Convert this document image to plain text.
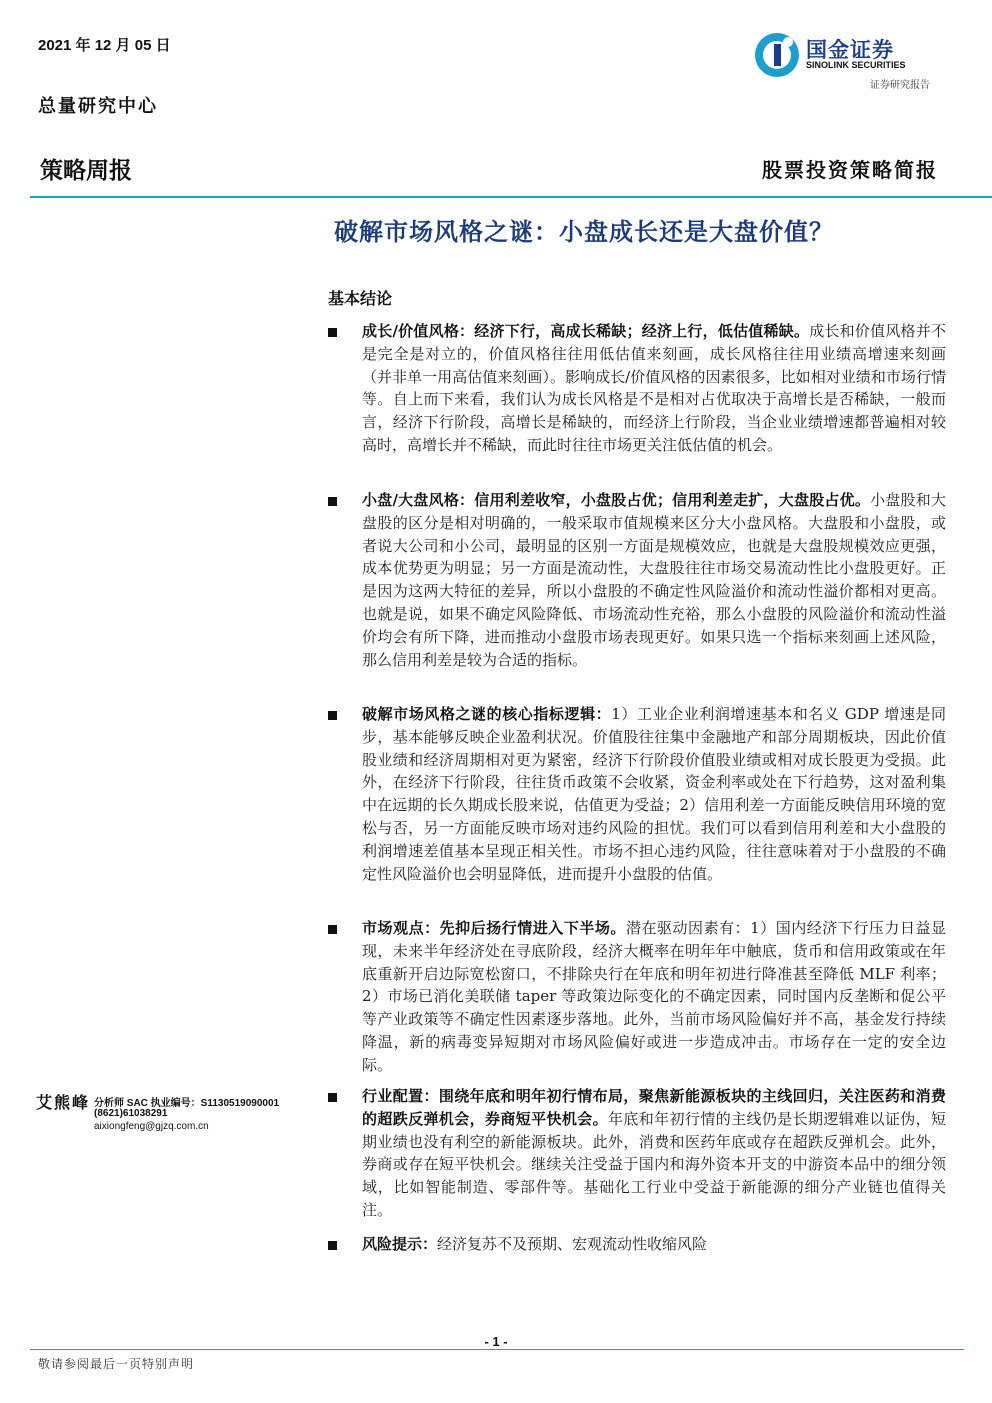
2021 年 12 月 05 日
总量研究中心
国金证券
SINOLINK SECURITIES
证券研究报告
策略周报	股票投资策略简报
破解市场风格之谜：小盘成长还是大盘价值？
基本结论
成长/价值风格：经济下行，高成长稀缺；经济上行，低估值稀缺。成长和价值风格并不是完全是对立的，价值风格往往用低估值来刻画，成长风格往往用业绩高增速来刻画（并非单一用高估值来刻画）。影响成长/价值风格的因素很多，比如相对业绩和市场行情等。自上而下来看，我们认为成长风格是不是相对占优取决于高增长是否稀缺，一般而言，经济下行阶段，高增长是稀缺的，而经济上行阶段，当企业业绩增速都普遍相对较高时，高增长并不稀缺，而此时往往市场更关注低估值的机会。
小盘/大盘风格：信用利差收窄，小盘股占优；信用利差走扩，大盘股占优。小盘股和大盘股的区分是相对明确的，一般采取市值规模来区分大小盘风格。大盘股和小盘股，或者说大公司和小公司，最明显的区别一方面是规模效应，也就是大盘股规模效应更强，成本优势更为明显；另一方面是流动性，大盘股往往市场交易流动性比小盘股更好。正是因为这两大特征的差异，所以小盘股的不确定性风险溢价和流动性溢价都相对更高。也就是说，如果不确定风险降低、市场流动性充裕，那么小盘股的风险溢价和流动性溢价均会有所下降，进而推动小盘股市场表现更好。如果只选一个指标来刻画上述风险，那么信用利差是较为合适的指标。
破解市场风格之谜的核心指标逻辑：1）工业企业利润增速基本和名义 GDP 增速是同步，基本能够反映企业盈利状况。价值股往往集中金融地产和部分周期板块，因此价值股业绩和经济周期相对更为紧密，经济下行阶段价值股业绩或相对成长股更为受损。此外，在经济下行阶段，往往货币政策不会收紧，资金利率或处在下行趋势，这对盈利集中在远期的长久期成长股来说，估值更为受益；2）信用利差一方面能反映信用环境的宽松与否，另一方面能反映市场对违约风险的担忧。我们可以看到信用利差和大小盘股的利润增速差值基本呈现正相关性。市场不担心违约风险，往往意味着对于小盘股的不确定性风险溢价也会明显降低，进而提升小盘股的估值。
市场观点：先抑后扬行情进入下半场。潜在驱动因素有：1）国内经济下行压力日益显现，未来半年经济处在寻底阶段，经济大概率在明年年中触底，货币和信用政策或在年底重新开启边际宽松窗口，不排除央行在年底和明年初进行降准甚至降低 MLF 利率；2）市场已消化美联储 taper 等政策边际变化的不确定因素，同时国内反垄断和促公平等产业政策等不确定性因素逐步落地。此外，当前市场风险偏好并不高，基金发行持续降温，新的病毒变异短期对市场风险偏好或进一步造成冲击。市场存在一定的安全边际。
行业配置：围绕年底和明年初行情布局，聚焦新能源板块的主线回归，关注医药和消费的超跌反弹机会，券商短平快机会。年底和年初行情的主线仍是长期逻辑难以证伪，短期业绩也没有利空的新能源板块。此外，消费和医药年底或存在超跌反弹机会。此外，券商或存在短平快机会。继续关注受益于国内和海外资本开支的中游资本品中的细分领域，比如智能制造、零部件等。基础化工行业中受益于新能源的细分产业链也值得关注。
风险提示：经济复苏不及预期、宏观流动性收缩风险
艾熊峰 分析师 SAC 执业编号：S1130519090001
(8621)61038291
aixiongfeng@gjzq.com.cn
- 1 -
敬请参阅最后一页特别声明
